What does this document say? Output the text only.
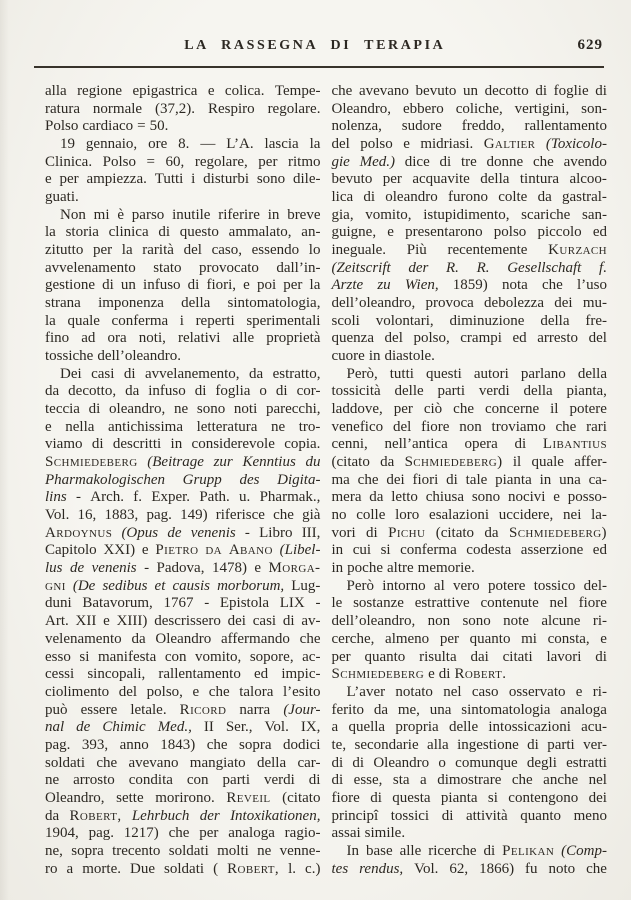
LA RASSEGNA DI TERAPIA	629
alla regione epigastrica e colica. Tempe-
ratura normale (37,2). Respiro regolare.
Polso cardiaco = 50.
19 gennaio, ore 8. — L’A. lascia la
Clinica. Polso = 60, regolare, per ritmo
e per ampiezza. Tutti i disturbi sono dile-
guati.
Non mi è parso inutile riferire in breve
la storia clinica di questo ammalato, an-
zitutto per la rarità del caso, essendo lo
avvelenamento stato provocato dall’in-
gestione di un infuso di fiori, e poi per la
strana imponenza della sintomatologia,
la quale conferma i reperti sperimentali
fino ad ora noti, relativi alle proprietà
tossiche dell’oleandro.
Dei casi di avvelanemento, da estratto,
da decotto, da infuso di foglia o di cor-
teccia di oleandro, ne sono noti parecchi,
e nella antichissima letteratura ne tro-
viamo di descritti in considerevole copia.
Schmiedeberg (Beitrage zur Kenntius du
Pharmakologischen Grupp des Digita-
lins - Arch. f. Exper. Path. u. Pharmak.,
Vol. 16, 1883, pag. 149) riferisce che già
Ardoynus (Opus de venenis - Libro III,
Capitolo XXI) e Pietro da Abano (Libel-
lus de venenis - Padova, 1478) e Morga-
gni (De sedibus et causis morborum, Lug-
duni Batavorum, 1767 - Epistola LIX -
Art. XII e XIII) descrissero dei casi di av-
velenamento da Oleandro affermando che
esso si manifesta con vomito, sopore, ac-
cessi sincopali, rallentamento ed impic-
ciolimento del polso, e che talora l’esito
può essere letale. Ricord narra (Jour-
nal de Chimic Med., II Ser., Vol. IX,
pag. 393, anno 1843) che sopra dodici
soldati che avevano mangiato della car-
ne arrosto condita con parti verdi di
Oleandro, sette morirono. Reveil (citato
da Robert, Lehrbuch der Intoxikationen,
1904, pag. 1217) che per analoga ragio-
ne, sopra trecento soldati molti ne venne-
ro a morte. Due soldati ( Robert, l. c.)
che avevano bevuto un decotto di foglie di
Oleandro, ebbero coliche, vertigini, son-
nolenza, sudore freddo, rallentamento
del polso e midriasi. Galtier (Toxicolo-
gie Med.) dice di tre donne che avendo
bevuto per acquavite della tintura alcoo-
lica di oleandro furono colte da gastral-
gia, vomito, istupidimento, scariche san-
guigne, e presentarono polso piccolo ed
ineguale. Più recentemente Kurzach
(Zeitscrift der R. R. Gesellschaft f.
Arzte zu Wien, 1859) nota che l’uso
dell’oleandro, provoca debolezza dei mu-
scoli volontari, diminuzione della fre-
quenza del polso, crampi ed arresto del
cuore in diastole.
Però, tutti questi autori parlano della
tossicità delle parti verdi della pianta,
laddove, per ciò che concerne il potere
venefico del fiore non troviamo che rari
cenni, nell’antica opera di Libantius
(citato da Schmiedeberg) il quale affer-
ma che dei fiori di tale pianta in una ca-
mera da letto chiusa sono nocivi e posso-
no colle loro esalazioni uccidere, nei la-
vori di Pichu (citato da Schmiedeberg)
in cui si conferma codesta asserzione ed
in poche altre memorie.
Però intorno al vero potere tossico del-
le sostanze estrattive contenute nel fiore
dell’oleandro, non sono note alcune ri-
cerche, almeno per quanto mi consta, e
per quanto risulta dai citati lavori di
Schmiedeberg e di Robert.
L’aver notato nel caso osservato e ri-
ferito da me, una sintomatologia analoga
a quella propria delle intossicazioni acu-
te, secondarie alla ingestione di parti ver-
di di Oleandro o comunque degli estratti
di esse, sta a dimostrare che anche nel
fiore di questa pianta si contengono dei
principî tossici di attività quanto meno
assai simile.
In base alle ricerche di Pelikan (Comp-
tes rendus, Vol. 62, 1866) fu noto che
